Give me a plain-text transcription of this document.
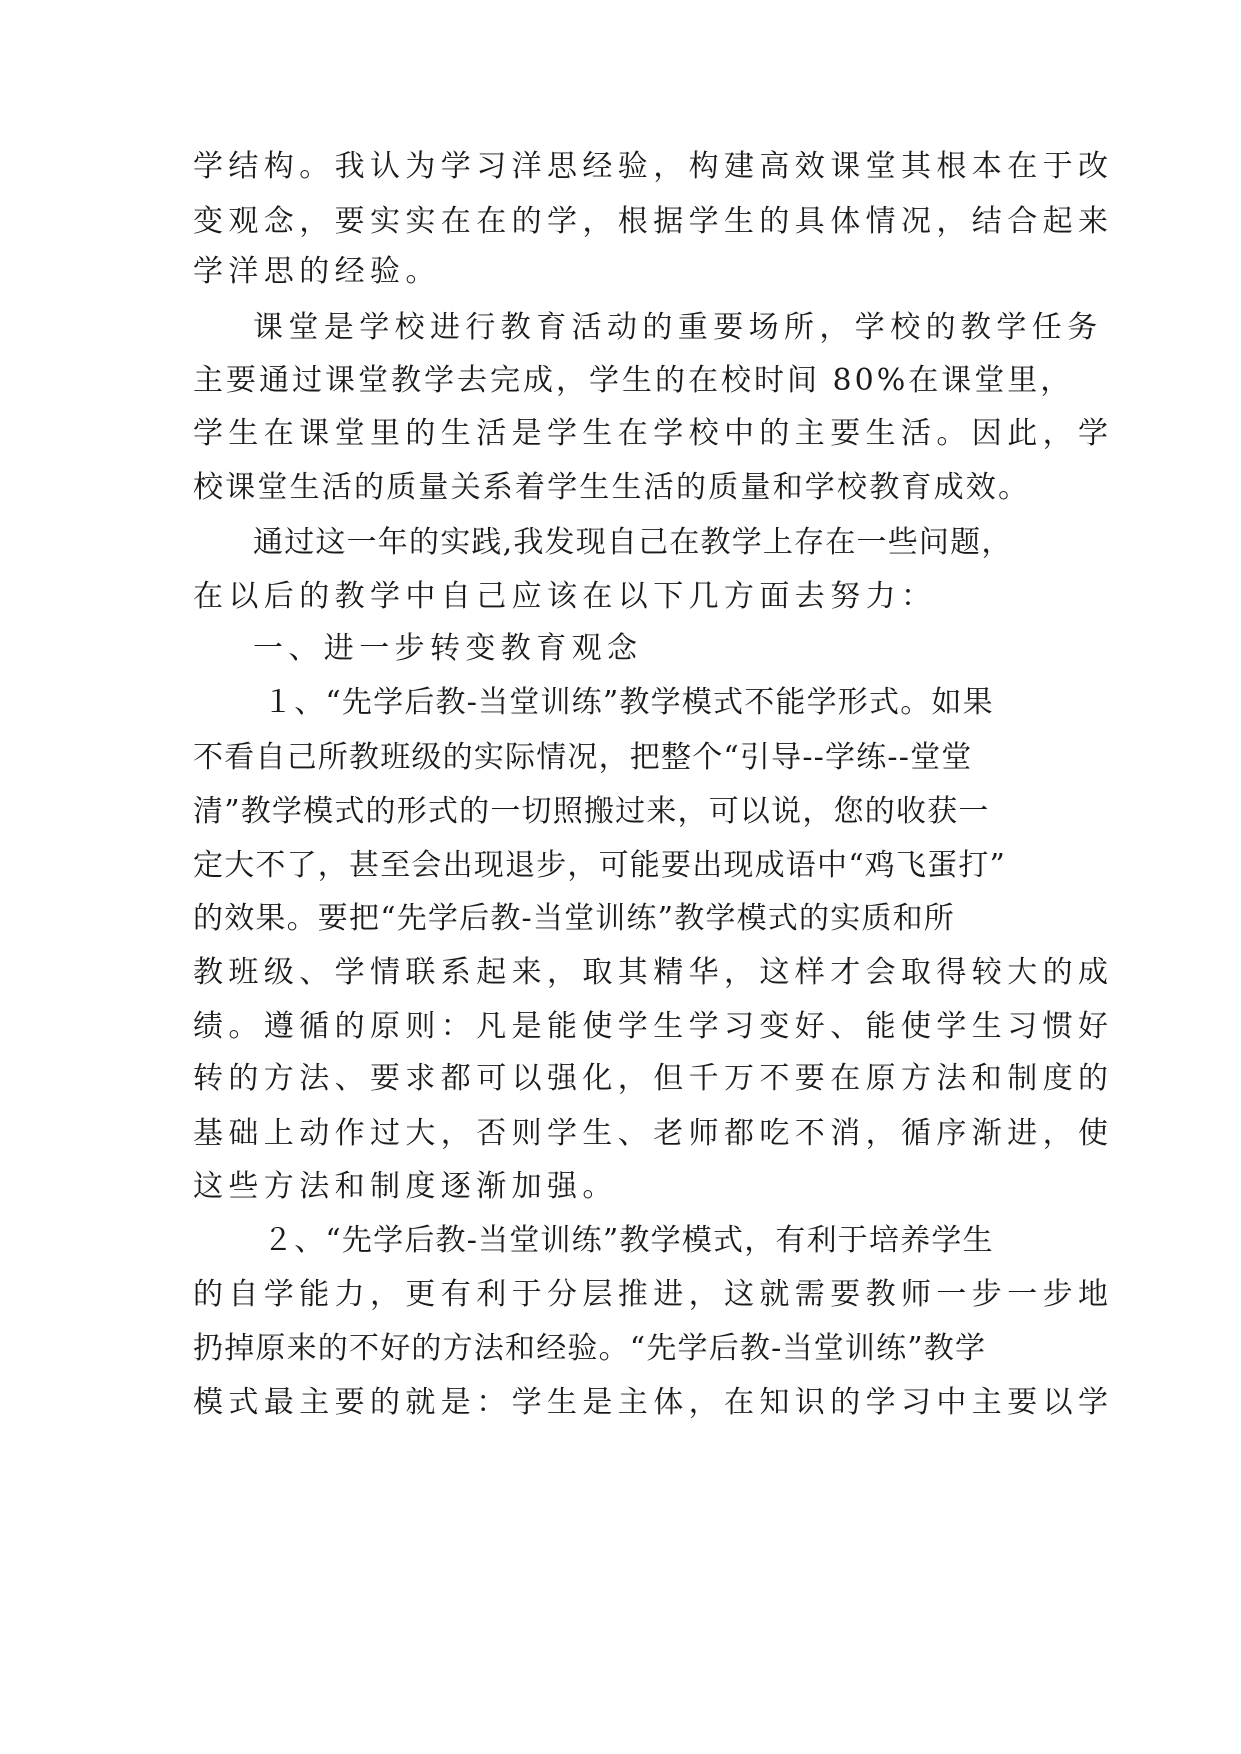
学结构。我认为学习洋思经验，构建高效课堂其根本在于改
变观念，要实实在在的学，根据学生的具体情况，结合起来
学洋思的经验。
课堂是学校进行教育活动的重要场所，学校的教学任务
主要通过课堂教学去完成，学生的在校时间 80%在课堂里，
学生在课堂里的生活是学生在学校中的主要生活。因此，学
校课堂生活的质量关系着学生生活的质量和学校教育成效。
通过这一年的实践,我发现自己在教学上存在一些问题，
在以后的教学中自己应该在以下几方面去努力：
一、进一步转变教育观念
１、“先学后教-当堂训练”教学模式不能学形式。如果
不看自己所教班级的实际情况，把整个“引导--学练--堂堂
清”教学模式的形式的一切照搬过来，可以说，您的收获一
定大不了，甚至会出现退步，可能要出现成语中“鸡飞蛋打”
的效果。要把“先学后教-当堂训练”教学模式的实质和所
教班级、学情联系起来，取其精华，这样才会取得较大的成
绩。遵循的原则：凡是能使学生学习变好、能使学生习惯好
转的方法、要求都可以强化，但千万不要在原方法和制度的
基础上动作过大，否则学生、老师都吃不消，循序渐进，使
这些方法和制度逐渐加强。
２、“先学后教-当堂训练”教学模式，有利于培养学生
的自学能力，更有利于分层推进，这就需要教师一步一步地
扔掉原来的不好的方法和经验。“先学后教-当堂训练”教学
模式最主要的就是：学生是主体，在知识的学习中主要以学
